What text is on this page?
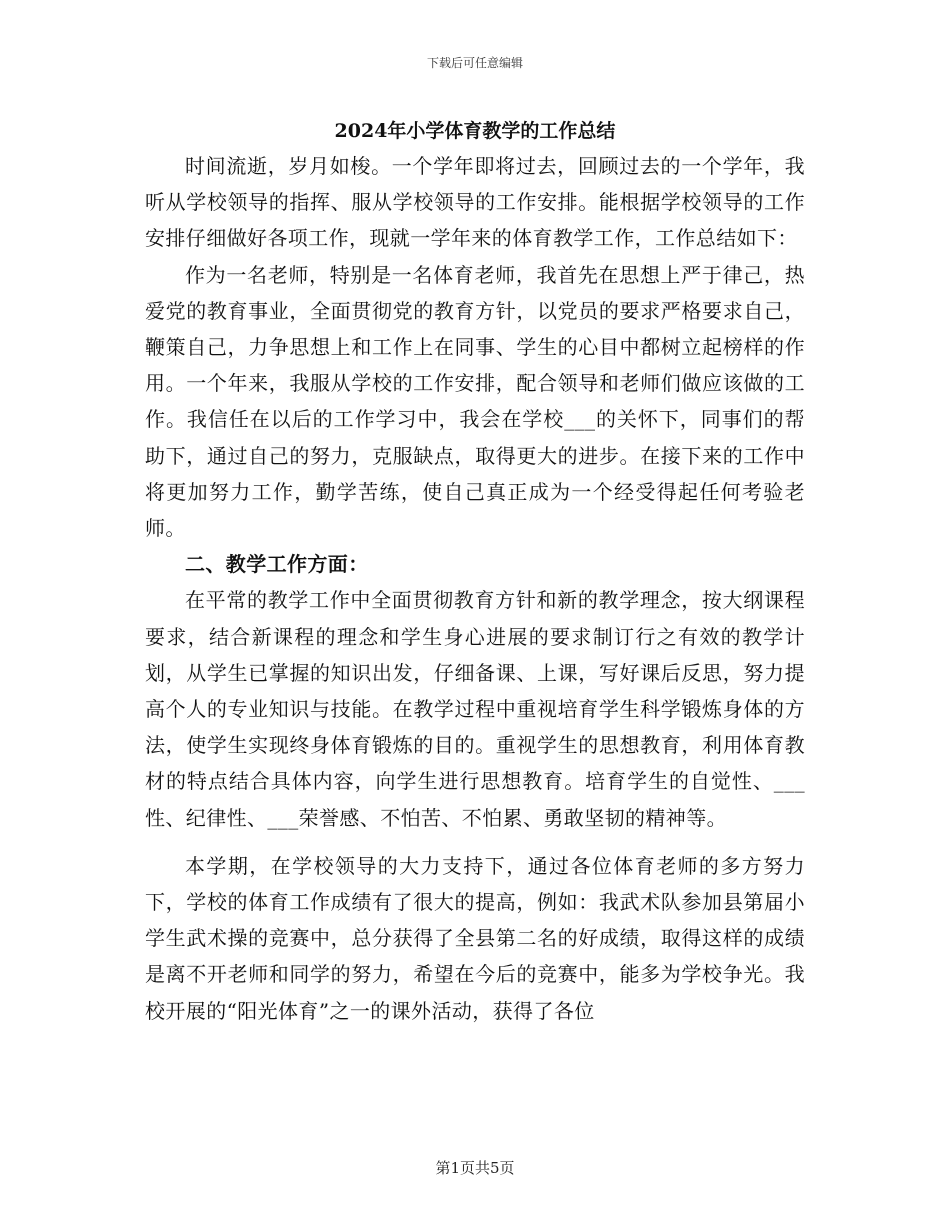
下载后可任意编辑
2024年小学体育教学的工作总结

时间流逝，岁月如梭。一个学年即将过去，回顾过去的一个学年，我听从学校领导的指挥、服从学校领导的工作安排。能根据学校领导的工作安排仔细做好各项工作，现就一学年来的体育教学工作，工作总结如下：

作为一名老师，特别是一名体育老师，我首先在思想上严于律己，热爱党的教育事业，全面贯彻党的教育方针，以党员的要求严格要求自己，鞭策自己，力争思想上和工作上在同事、学生的心目中都树立起榜样的作用。一个年来，我服从学校的工作安排，配合领导和老师们做应该做的工作。我信任在以后的工作学习中，我会在学校___的关怀下，同事们的帮助下，通过自己的努力，克服缺点，取得更大的进步。在接下来的工作中将更加努力工作，勤学苦练，使自己真正成为一个经受得起任何考验老师。

二、教学工作方面：

在平常的教学工作中全面贯彻教育方针和新的教学理念，按大纲课程要求，结合新课程的理念和学生身心进展的要求制订行之有效的教学计划，从学生已掌握的知识出发，仔细备课、上课，写好课后反思，努力提高个人的专业知识与技能。在教学过程中重视培育学生科学锻炼身体的方法，使学生实现终身体育锻炼的目的。重视学生的思想教育，利用体育教材的特点结合具体内容，向学生进行思想教育。培育学生的自觉性、___性、纪律性、___荣誉感、不怕苦、不怕累、勇敢坚韧的精神等。

本学期，在学校领导的大力支持下，通过各位体育老师的多方努力下，学校的体育工作成绩有了很大的提高，例如：我武术队参加县第届小学生武术操的竞赛中，总分获得了全县第二名的好成绩，取得这样的成绩是离不开老师和同学的努力，希望在今后的竞赛中，能多为学校争光。我校开展的“阳光体育”之一的课外活动，获得了各位

第1页共5页
